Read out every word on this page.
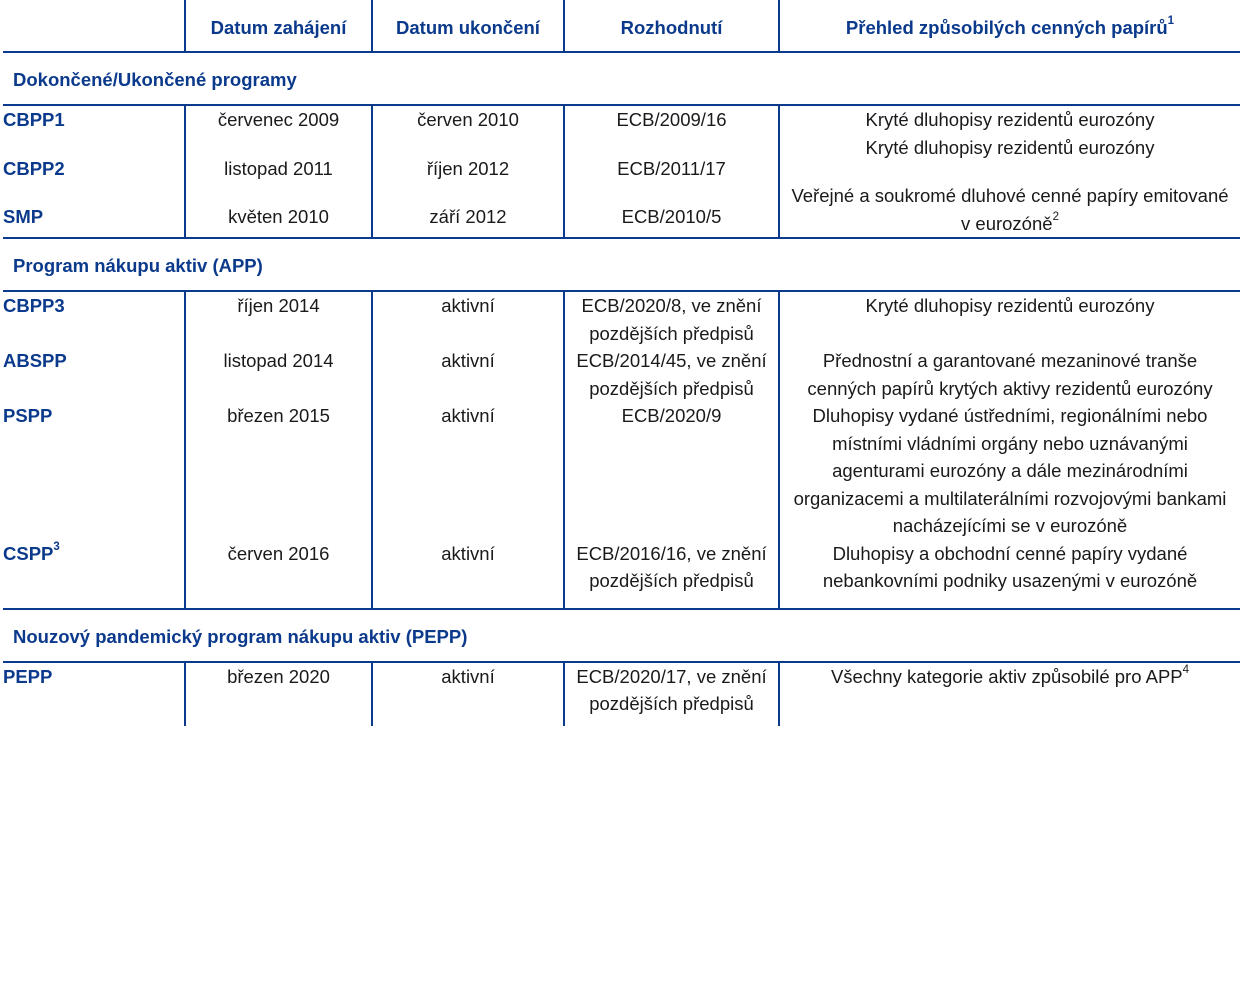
	Datum zahájení	Datum ukončení	Rozhodnutí	Přehled způsobilých cenných papírů$^1$
Dokončené/Ukončené programy				
CBPP1	červenec 2009	červen 2010	ECB/2009/16	Kryté dluhopisy rezidentů eurozóny
CBPP2	listopad 2011	říjen 2012	ECB/2011/17	Kryté dluhopisy rezidentů eurozóny
SMP	květen 2010	září 2012	ECB/2010/5	Veřejné a soukromé dluhové cenné papíry emitované v eurozóně$^2$
Program nákupu aktiv (APP)				
CBPP3	říjen 2014	aktivní	ECB/2020/8, ve znění pozdějších předpisů	Kryté dluhopisy rezidentů eurozóny
ABSPP	listopad 2014	aktivní	ECB/2014/45, ve znění pozdějších předpisů	Přednostní a garantované mezaninové tranše cenných papírů krytých aktivy rezidentů eurozóny
PSPP	březen 2015	aktivní	ECB/2020/9	Dluhopisy vydané ústředními, regionálními nebo místními vládními orgány nebo uznávanými agenturami eurozóny a dále mezinárodními organizacemi a multilaterálními rozvojovými bankami nacházejícími se v eurozóně
CSPP$^3$	červen 2016	aktivní	ECB/2016/16, ve znění pozdějších předpisů	Dluhopisy a obchodní cenné papíry vydané nebankovními podniky usazenými v eurozóně
Nouzový pandemický program nákupu aktiv (PEPP)				
PEPP	březen 2020	aktivní	ECB/2020/17, ve znění pozdějších předpisů	Všechny kategorie aktiv způsobilé pro APP$^4$
